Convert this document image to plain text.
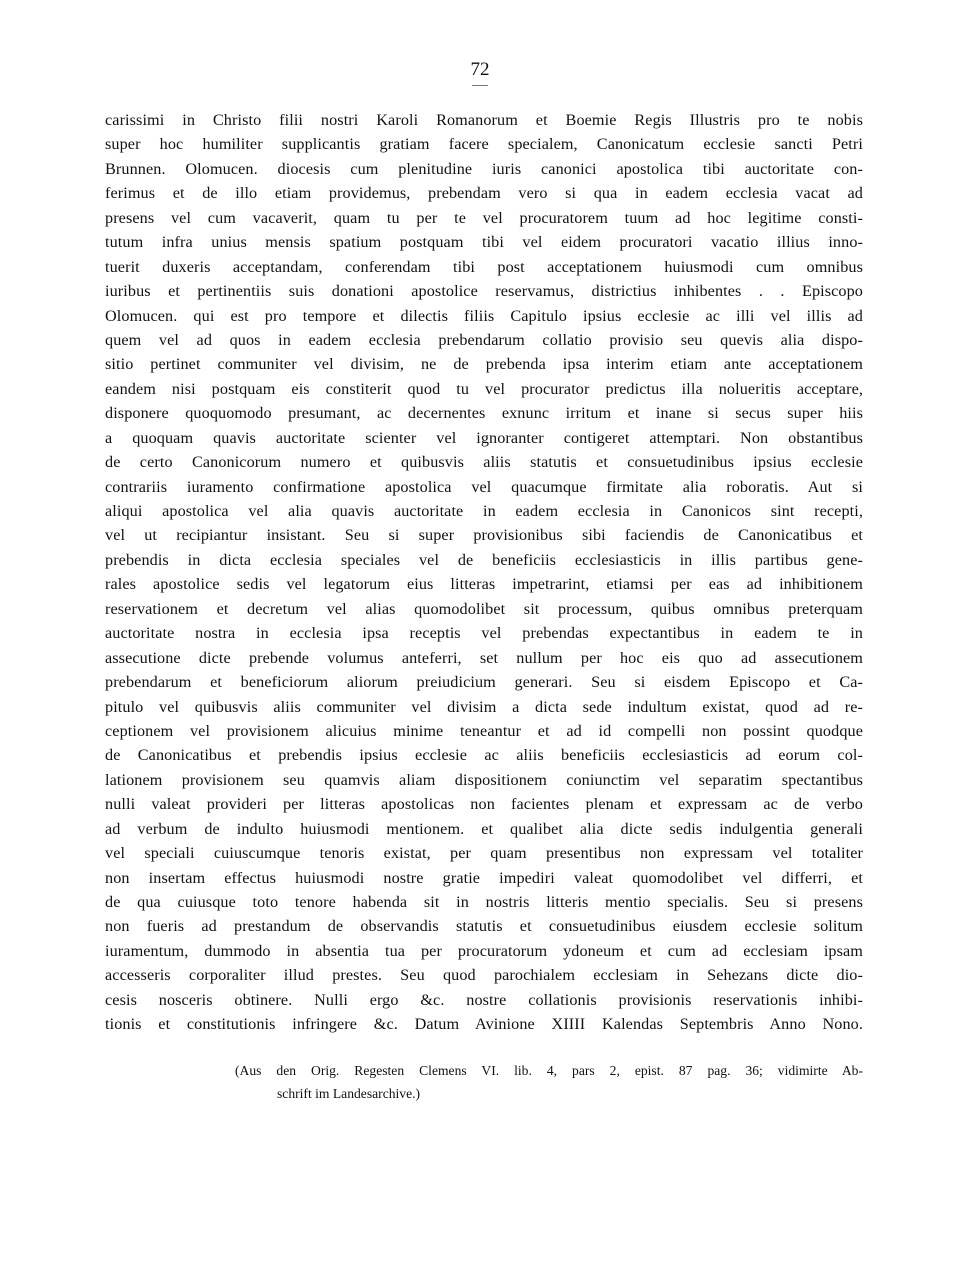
72
carissimi in Christo filii nostri Karoli Romanorum et Boemie Regis Illustris pro te nobis
super hoc humiliter supplicantis gratiam facere specialem, Canonicatum ecclesie sancti Petri
Brunnen. Olomucen. diocesis cum plenitudine iuris canonici apostolica tibi auctoritate con-
ferimus et de illo etiam providemus, prebendam vero si qua in eadem ecclesia vacat ad
presens vel cum vacaverit, quam tu per te vel procuratorem tuum ad hoc legitime consti-
tutum infra unius mensis spatium postquam tibi vel eidem procuratori vacatio illius inno-
tuerit duxeris acceptandam, conferendam tibi post acceptationem huiusmodi cum omnibus
iuribus et pertinentiis suis donationi apostolice reservamus, districtius inhibentes . . Episcopo
Olomucen. qui est pro tempore et dilectis filiis Capitulo ipsius ecclesie ac illi vel illis ad
quem vel ad quos in eadem ecclesia prebendarum collatio provisio seu quevis alia dispo-
sitio pertinet communiter vel divisim, ne de prebenda ipsa interim etiam ante acceptationem
eandem nisi postquam eis constiterit quod tu vel procurator predictus illa nolueritis acceptare,
disponere quoquomodo presumant, ac decernentes exnunc irritum et inane si secus super hiis
a quoquam quavis auctoritate scienter vel ignoranter contigeret attemptari. Non obstantibus
de certo Canonicorum numero et quibusvis aliis statutis et consuetudinibus ipsius ecclesie
contrariis iuramento confirmatione apostolica vel quacumque firmitate alia roboratis. Aut si
aliqui apostolica vel alia quavis auctoritate in eadem ecclesia in Canonicos sint recepti,
vel ut recipiantur insistant. Seu si super provisionibus sibi faciendis de Canonicatibus et
prebendis in dicta ecclesia speciales vel de beneficiis ecclesiasticis in illis partibus gene-
rales apostolice sedis vel legatorum eius litteras impetrarint, etiamsi per eas ad inhibitionem
reservationem et decretum vel alias quomodolibet sit processum, quibus omnibus preterquam
auctoritate nostra in ecclesia ipsa receptis vel prebendas expectantibus in eadem te in
assecutione dicte prebende volumus anteferri, set nullum per hoc eis quo ad assecutionem
prebendarum et beneficiorum aliorum preiudicium generari. Seu si eisdem Episcopo et Ca-
pitulo vel quibusvis aliis communiter vel divisim a dicta sede indultum existat, quod ad re-
ceptionem vel provisionem alicuius minime teneantur et ad id compelli non possint quodque
de Canonicatibus et prebendis ipsius ecclesie ac aliis beneficiis ecclesiasticis ad eorum col-
lationem provisionem seu quamvis aliam dispositionem coniunctim vel separatim spectantibus
nulli valeat provideri per litteras apostolicas non facientes plenam et expressam ac de verbo
ad verbum de indulto huiusmodi mentionem. et qualibet alia dicte sedis indulgentia generali
vel speciali cuiuscumque tenoris existat, per quam presentibus non expressam vel totaliter
non insertam effectus huiusmodi nostre gratie impediri valeat quomodolibet vel differri, et
de qua cuiusque toto tenore habenda sit in nostris litteris mentio specialis. Seu si presens
non fueris ad prestandum de observandis statutis et consuetudinibus eiusdem ecclesie solitum
iuramentum, dummodo in absentia tua per procuratorum ydoneum et cum ad ecclesiam ipsam
accesseris corporaliter illud prestes. Seu quod parochialem ecclesiam in Sehezans dicte dio-
cesis nosceris obtinere. Nulli ergo &c. nostre collationis provisionis reservationis inhibi-
tionis et constitutionis infringere &c. Datum Avinione XIIII Kalendas Septembris Anno Nono.
(Aus den Orig. Regesten Clemens VI. lib. 4, pars 2, epist. 87 pag. 36; vidimirte Ab-
schrift im Landesarchive.)
